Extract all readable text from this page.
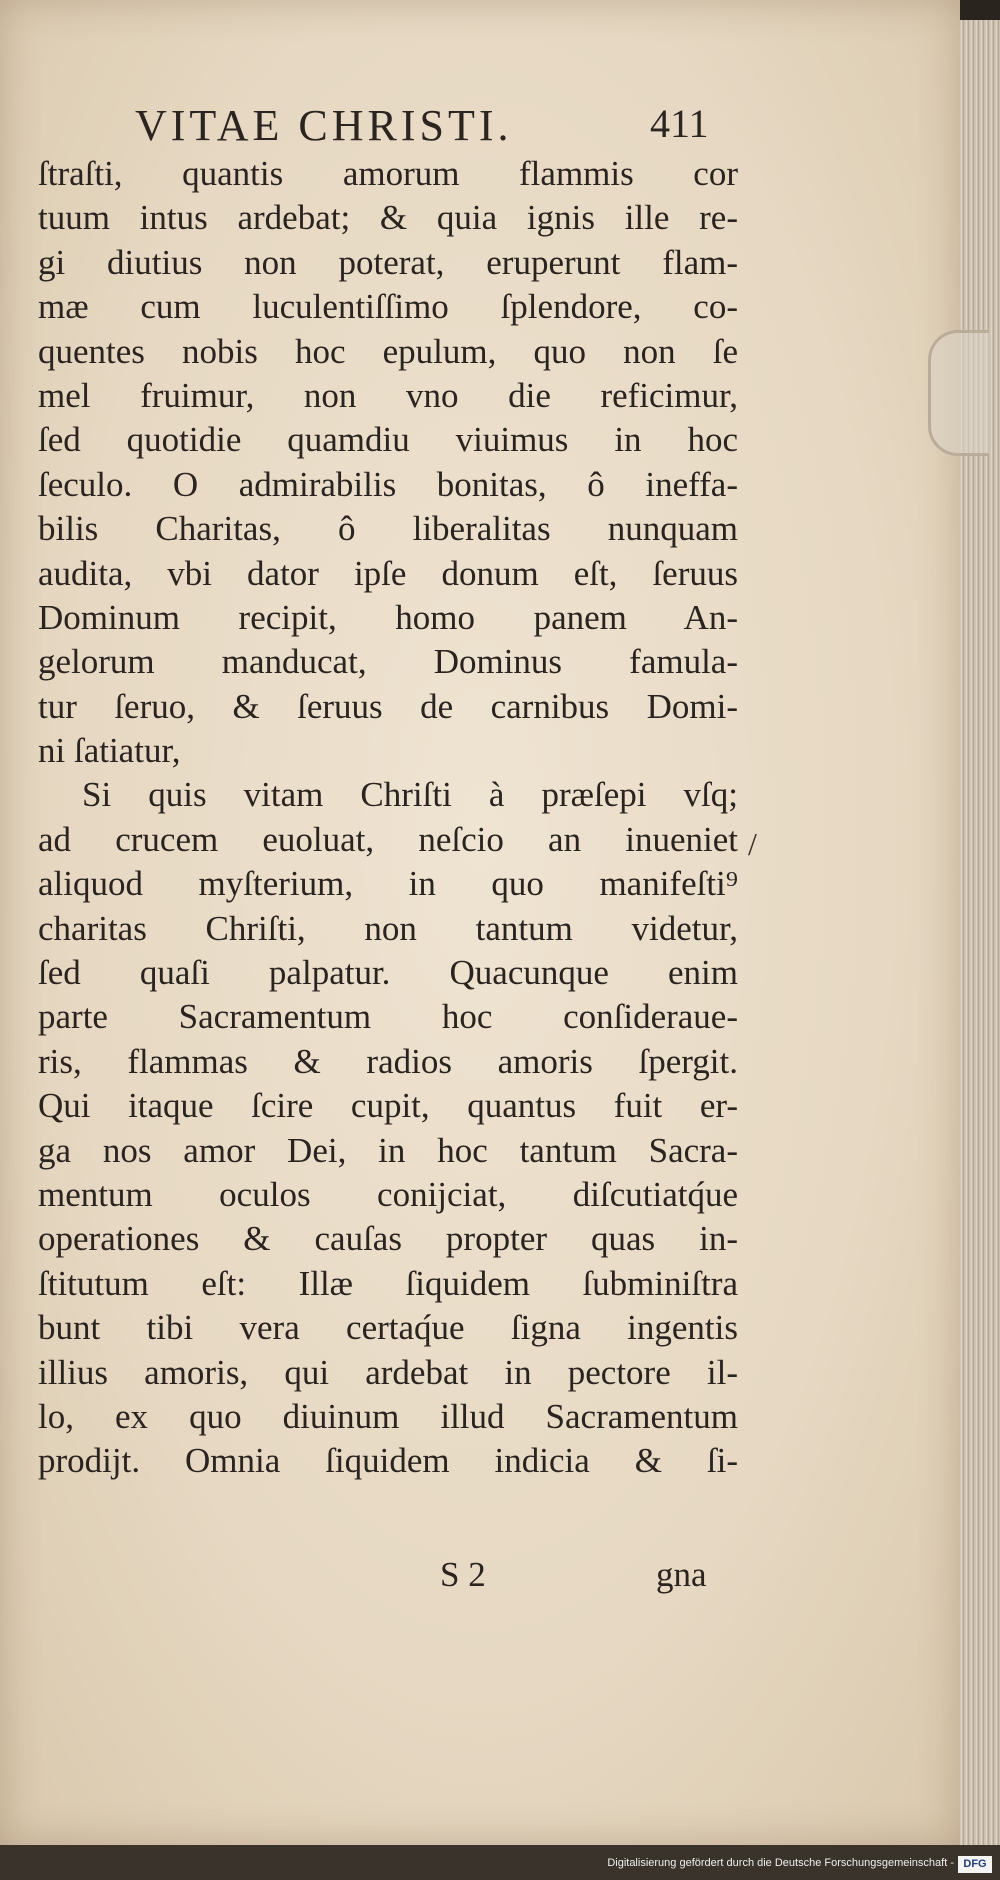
VITAE CHRISTI.	411
ſtraſti, quantis amorum flammis cor
tuum intus ardebat; & quia ignis ille re-
gi diutius non poterat, eruperunt flam-
mæ cum luculentiſſimo ſplendore, co-
quentes nobis hoc epulum, quo non ſe
mel fruimur, non vno die reficimur,
ſed quotidie quamdiu viuimus in hoc
ſeculo. O admirabilis bonitas, ô ineffa-
bilis Charitas, ô liberalitas nunquam
audita, vbi dator ipſe donum eſt, ſeruus
Dominum recipit, homo panem An-
gelorum manducat, Dominus famula-
tur ſeruo, & ſeruus de carnibus Domi-
ni ſatiatur,
Si quis vitam Chriſti à præſepi vſq;
ad crucem euoluat, neſcio an inueniet
aliquod myſterium, in quo manifeſti⁹
charitas Chriſti, non tantum videtur,
ſed quaſi palpatur. Quacunque enim
parte Sacramentum hoc conſideraue-
ris, flammas & radios amoris ſpergit.
Qui itaque ſcire cupit, quantus fuit er-
ga nos amor Dei, in hoc tantum Sacra-
mentum oculos conijciat, diſcutiatq́ue
operationes & cauſas propter quas in-
ſtitutum eſt: Illæ ſiquidem ſubminiſtra
bunt tibi vera certaq́ue ſigna ingentis
illius amoris, qui ardebat in pectore il-
lo, ex quo diuinum illud Sacramentum
prodijt. Omnia ſiquidem indicia & ſi-
S 2	gna
/
Digitalisierung gefördert durch die Deutsche Forschungsgemeinschaft - DFG
